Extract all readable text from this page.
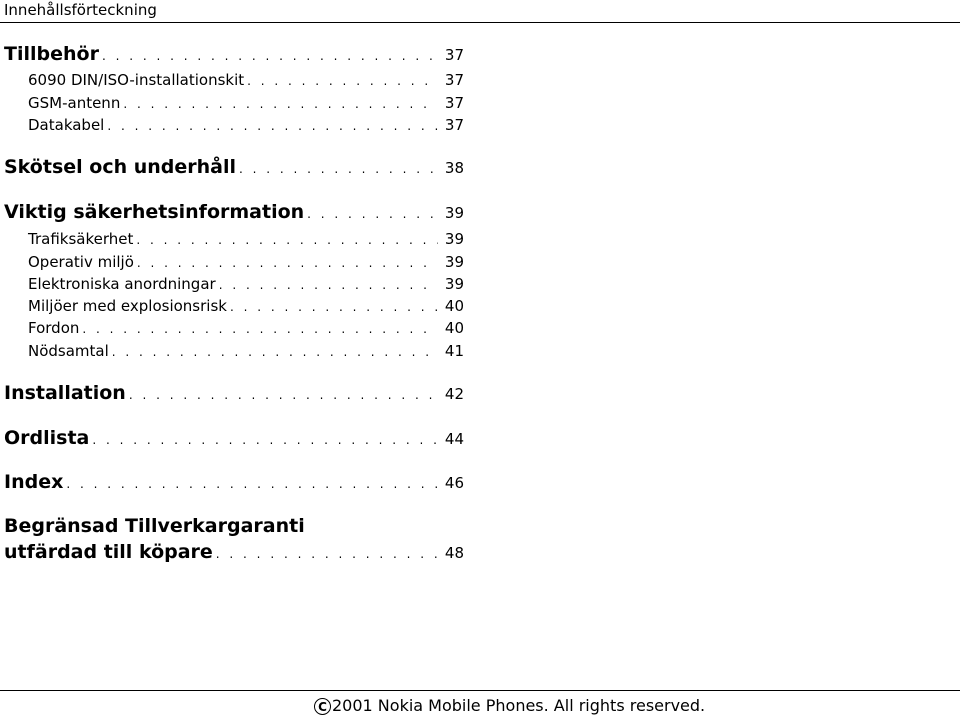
Innehållsförteckning
Tillbehör . . .	37
6090 DIN/ISO-installationskit . . .	37
GSM-antenn . . .	37
Datakabel . . .	37
Skötsel och underhåll . . .	38
Viktig säkerhetsinformation . . .	39
Trafiksäkerhet . . .	39
Operativ miljö . . .	39
Elektroniska anordningar . . .	39
Miljöer med explosionsrisk . . .	40
Fordon . . .	40
Nödsamtal . . .	41
Installation . . .	42
Ordlista . . .	44
Index . . .	46
Begränsad Tillverkargaranti
utfärdad till köpare . . .	48
C 2001 Nokia Mobile Phones. All rights reserved.
